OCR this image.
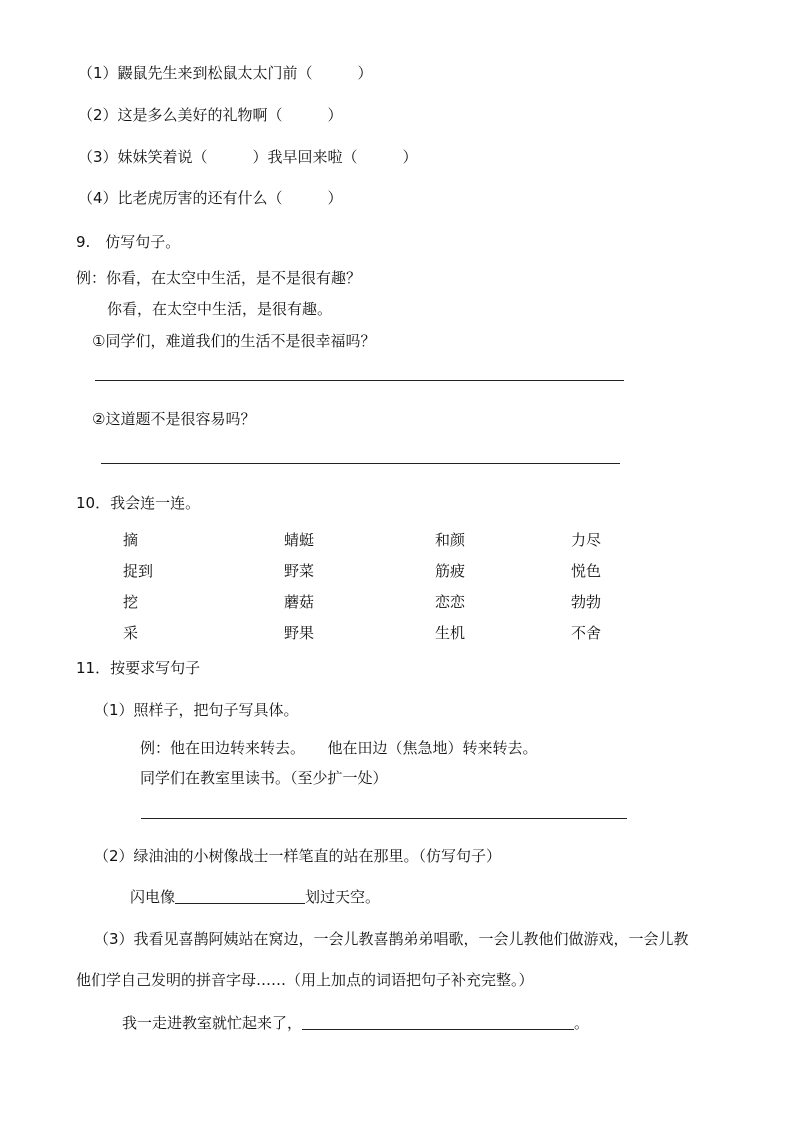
（1）鼹鼠先生来到松鼠太太门前（　　　）
（2）这是多么美好的礼物啊（　　　）
（3）妹妹笑着说（　　　）我早回来啦（　　　）
（4）比老虎厉害的还有什么（　　　）
9.　仿写句子。
例：你看，在太空中生活，是不是很有趣？
你看，在太空中生活，是很有趣。
①同学们，难道我们的生活不是很幸福吗？
②这道题不是很容易吗？
10．我会连一连。
摘	蜻蜓	和颜	力尽
捉到	野菜	筋疲	悦色
挖	蘑菇	恋恋	勃勃
采	野果	生机	不舍
11．按要求写句子
（1）照样子，把句子写具体。
例：他在田边转来转去。　　他在田边（焦急地）转来转去。
同学们在教室里读书。（至少扩一处）
（2）绿油油的小树像战士一样笔直的站在那里。（仿写句子）
闪电像	划过天空。
（3）我看见喜鹊阿姨站在窝边，一会儿教喜鹊弟弟唱歌，一会儿教他们做游戏，一会儿教
他们学自己发明的拼音字母……（用上加点的词语把句子补充完整。）
我一走进教室就忙起来了，	。
